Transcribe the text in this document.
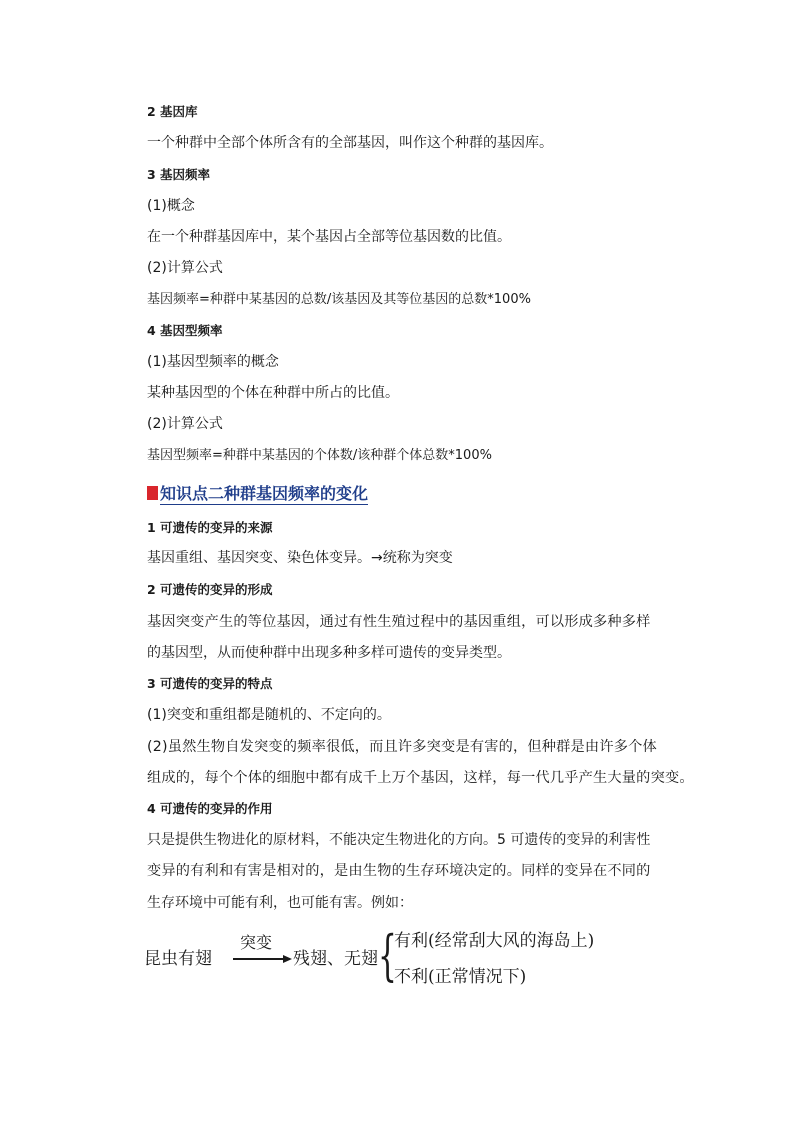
2 基因库
一个种群中全部个体所含有的全部基因，叫作这个种群的基因库。
3 基因频率
(1)概念
在一个种群基因库中，某个基因占全部等位基因数的比值。
(2)计算公式
基因频率=种群中某基因的总数/该基因及其等位基因的总数*100%
4 基因型频率
(1)基因型频率的概念
某种基因型的个体在种群中所占的比值。
(2)计算公式
基因型频率=种群中某基因的个体数/该种群个体总数*100%
知识点二种群基因频率的变化
1 可遗传的变异的来源
基因重组、基因突变、染色体变异。→统称为突变
2 可遗传的变异的形成
基因突变产生的等位基因，通过有性生殖过程中的基因重组，可以形成多种多样
的基因型，从而使种群中出现多种多样可遗传的变异类型。
3 可遗传的变异的特点
(1)突变和重组都是随机的、不定向的。
(2)虽然生物自发突变的频率很低，而且许多突变是有害的，但种群是由许多个体
组成的，每个个体的细胞中都有成千上万个基因，这样，每一代几乎产生大量的突变。
4 可遗传的变异的作用
只是提供生物进化的原材料，不能决定生物进化的方向。5 可遗传的变异的利害性
变异的有利和有害是相对的，是由生物的生存环境决定的。同样的变异在不同的
生存环境中可能有利，也可能有害。例如：
昆虫有翅
突变
残翅、无翅 {
有利(经常刮大风的海岛上)
不利(正常情况下)
